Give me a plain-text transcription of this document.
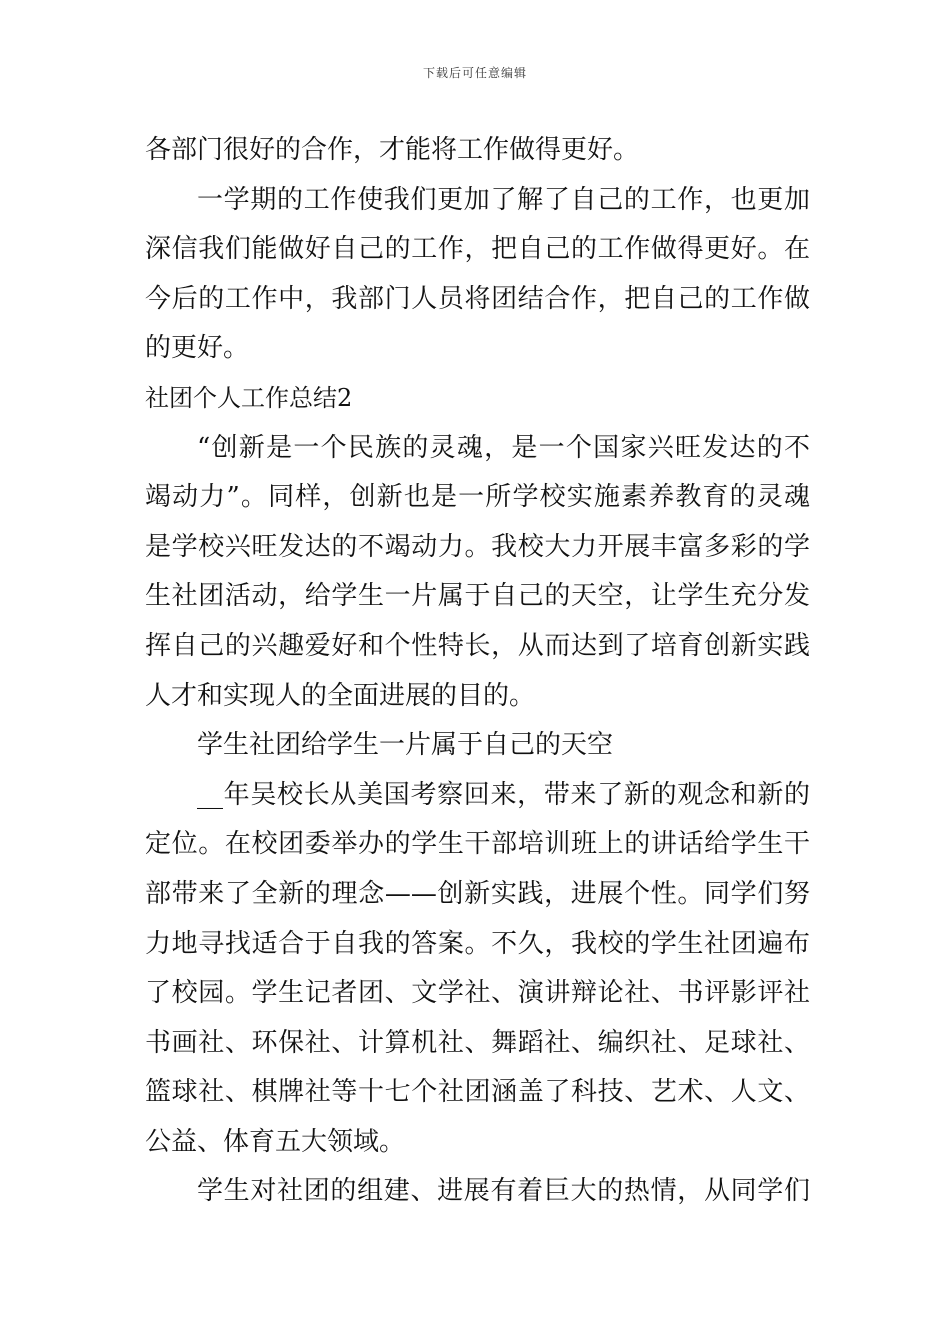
下载后可任意编辑
各部门很好的合作，才能将工作做得更好。
一学期的工作使我们更加了解了自己的工作，也更加
深信我们能做好自己的工作，把自己的工作做得更好。在
今后的工作中，我部门人员将团结合作，把自己的工作做
的更好。
社团个人工作总结2
“创新是一个民族的灵魂，是一个国家兴旺发达的不
竭动力”。同样，创新也是一所学校实施素养教育的灵魂
是学校兴旺发达的不竭动力。我校大力开展丰富多彩的学
生社团活动，给学生一片属于自己的天空，让学生充分发
挥自己的兴趣爱好和个性特长，从而达到了培育创新实践
人才和实现人的全面进展的目的。
学生社团给学生一片属于自己的天空
__年吴校长从美国考察回来，带来了新的观念和新的
定位。在校团委举办的学生干部培训班上的讲话给学生干
部带来了全新的理念——创新实践，进展个性。同学们努
力地寻找适合于自我的答案。不久，我校的学生社团遍布
了校园。学生记者团、文学社、演讲辩论社、书评影评社
书画社、环保社、计算机社、舞蹈社、编织社、足球社、
篮球社、棋牌社等十七个社团涵盖了科技、艺术、人文、
公益、体育五大领域。
学生对社团的组建、进展有着巨大的热情，从同学们
